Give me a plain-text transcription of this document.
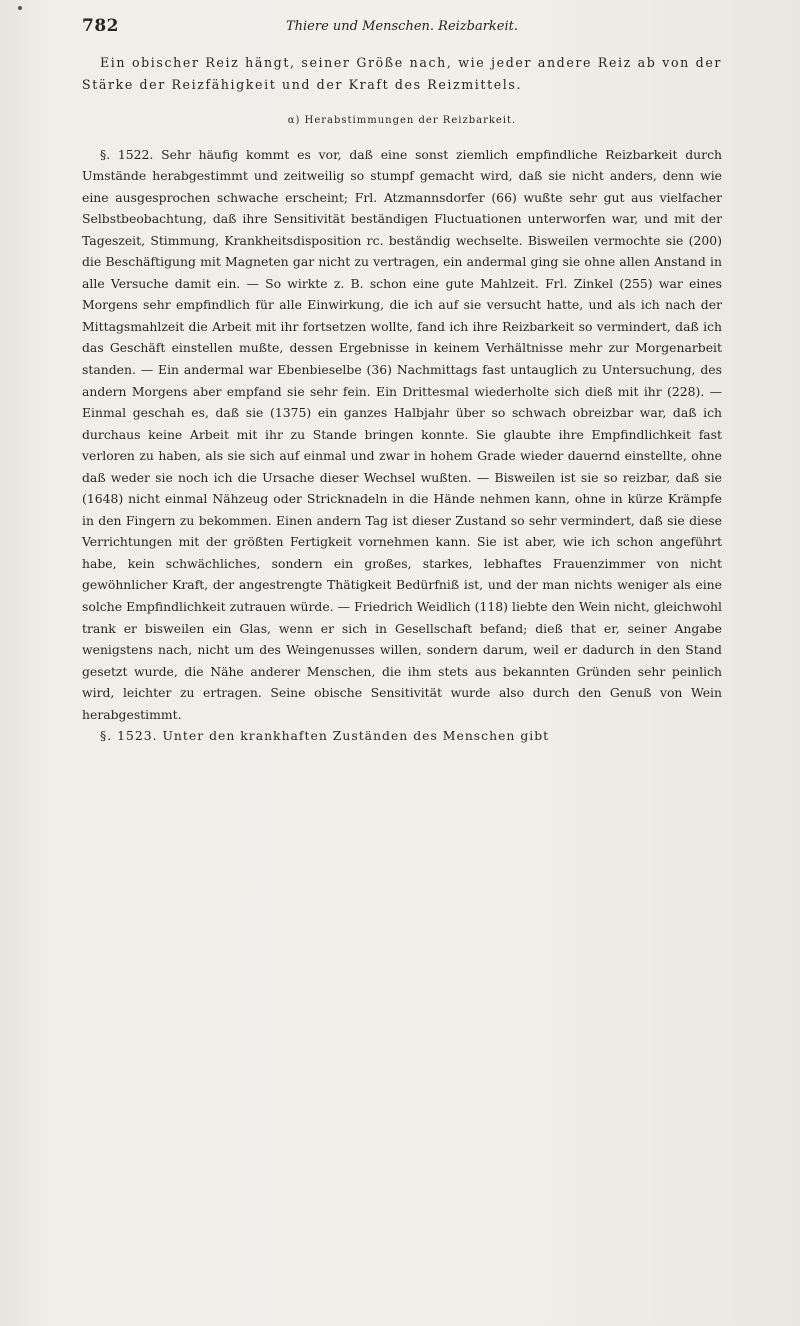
782	Thiere und Menschen. Reizbarkeit.

Ein obischer Reiz hängt, seiner Größe nach, wie jeder andere Reiz ab von der Stärke der Reizfähigkeit und der Kraft des Reizmittels.

α) Herabstimmungen der Reizbarkeit.

§. 1522. Sehr häufig kommt es vor, daß eine sonst ziemlich empfindliche Reizbarkeit durch Umstände herabgestimmt und zeitweilig so stumpf gemacht wird, daß sie nicht anders, denn wie eine ausgesprochen schwache erscheint; Frl. Atzmannsdorfer (66) wußte sehr gut aus vielfacher Selbstbeobachtung, daß ihre Sensitivität beständigen Fluctuationen unterworfen war, und mit der Tageszeit, Stimmung, Krankheitsdisposition rc. beständig wechselte. Bisweilen vermochte sie (200) die Beschäftigung mit Magneten gar nicht zu vertragen, ein andermal ging sie ohne allen Anstand in alle Versuche damit ein. — So wirkte z. B. schon eine gute Mahlzeit. Frl. Zinkel (255) war eines Morgens sehr empfindlich für alle Einwirkung, die ich auf sie versucht hatte, und als ich nach der Mittagsmahlzeit die Arbeit mit ihr fortsetzen wollte, fand ich ihre Reizbarkeit so vermindert, daß ich das Geschäft einstellen mußte, dessen Ergebnisse in keinem Verhältnisse mehr zur Morgenarbeit standen. — Ein andermal war Ebenbieselbe (36) Nachmittags fast untauglich zu Untersuchung, des andern Morgens aber empfand sie sehr fein. Ein Drittesmal wiederholte sich dieß mit ihr (228). — Einmal geschah es, daß sie (1375) ein ganzes Halbjahr über so schwach obreizbar war, daß ich durchaus keine Arbeit mit ihr zu Stande bringen konnte. Sie glaubte ihre Empfindlichkeit fast verloren zu haben, als sie sich auf einmal und zwar in hohem Grade wieder dauernd einstellte, ohne daß weder sie noch ich die Ursache dieser Wechsel wußten. — Bisweilen ist sie so reizbar, daß sie (1648) nicht einmal Nähzeug oder Stricknadeln in die Hände nehmen kann, ohne in kürze Krämpfe in den Fingern zu bekommen. Einen andern Tag ist dieser Zustand so sehr vermindert, daß sie diese Verrichtungen mit der größten Fertigkeit vornehmen kann. Sie ist aber, wie ich schon angeführt habe, kein schwächliches, sondern ein großes, starkes, lebhaftes Frauenzimmer von nicht gewöhnlicher Kraft, der angestrengte Thätigkeit Bedürfniß ist, und der man nichts weniger als eine solche Empfindlichkeit zutrauen würde. — Friedrich Weidlich (118) liebte den Wein nicht, gleichwohl trank er bisweilen ein Glas, wenn er sich in Gesellschaft befand; dieß that er, seiner Angabe wenigstens nach, nicht um des Weingenusses willen, sondern darum, weil er dadurch in den Stand gesetzt wurde, die Nähe anderer Menschen, die ihm stets aus bekannten Gründen sehr peinlich wird, leichter zu ertragen. Seine obische Sensitivität wurde also durch den Genuß von Wein herabgestimmt.

§. 1523. Unter den krankhaften Zuständen des Menschen gibt
